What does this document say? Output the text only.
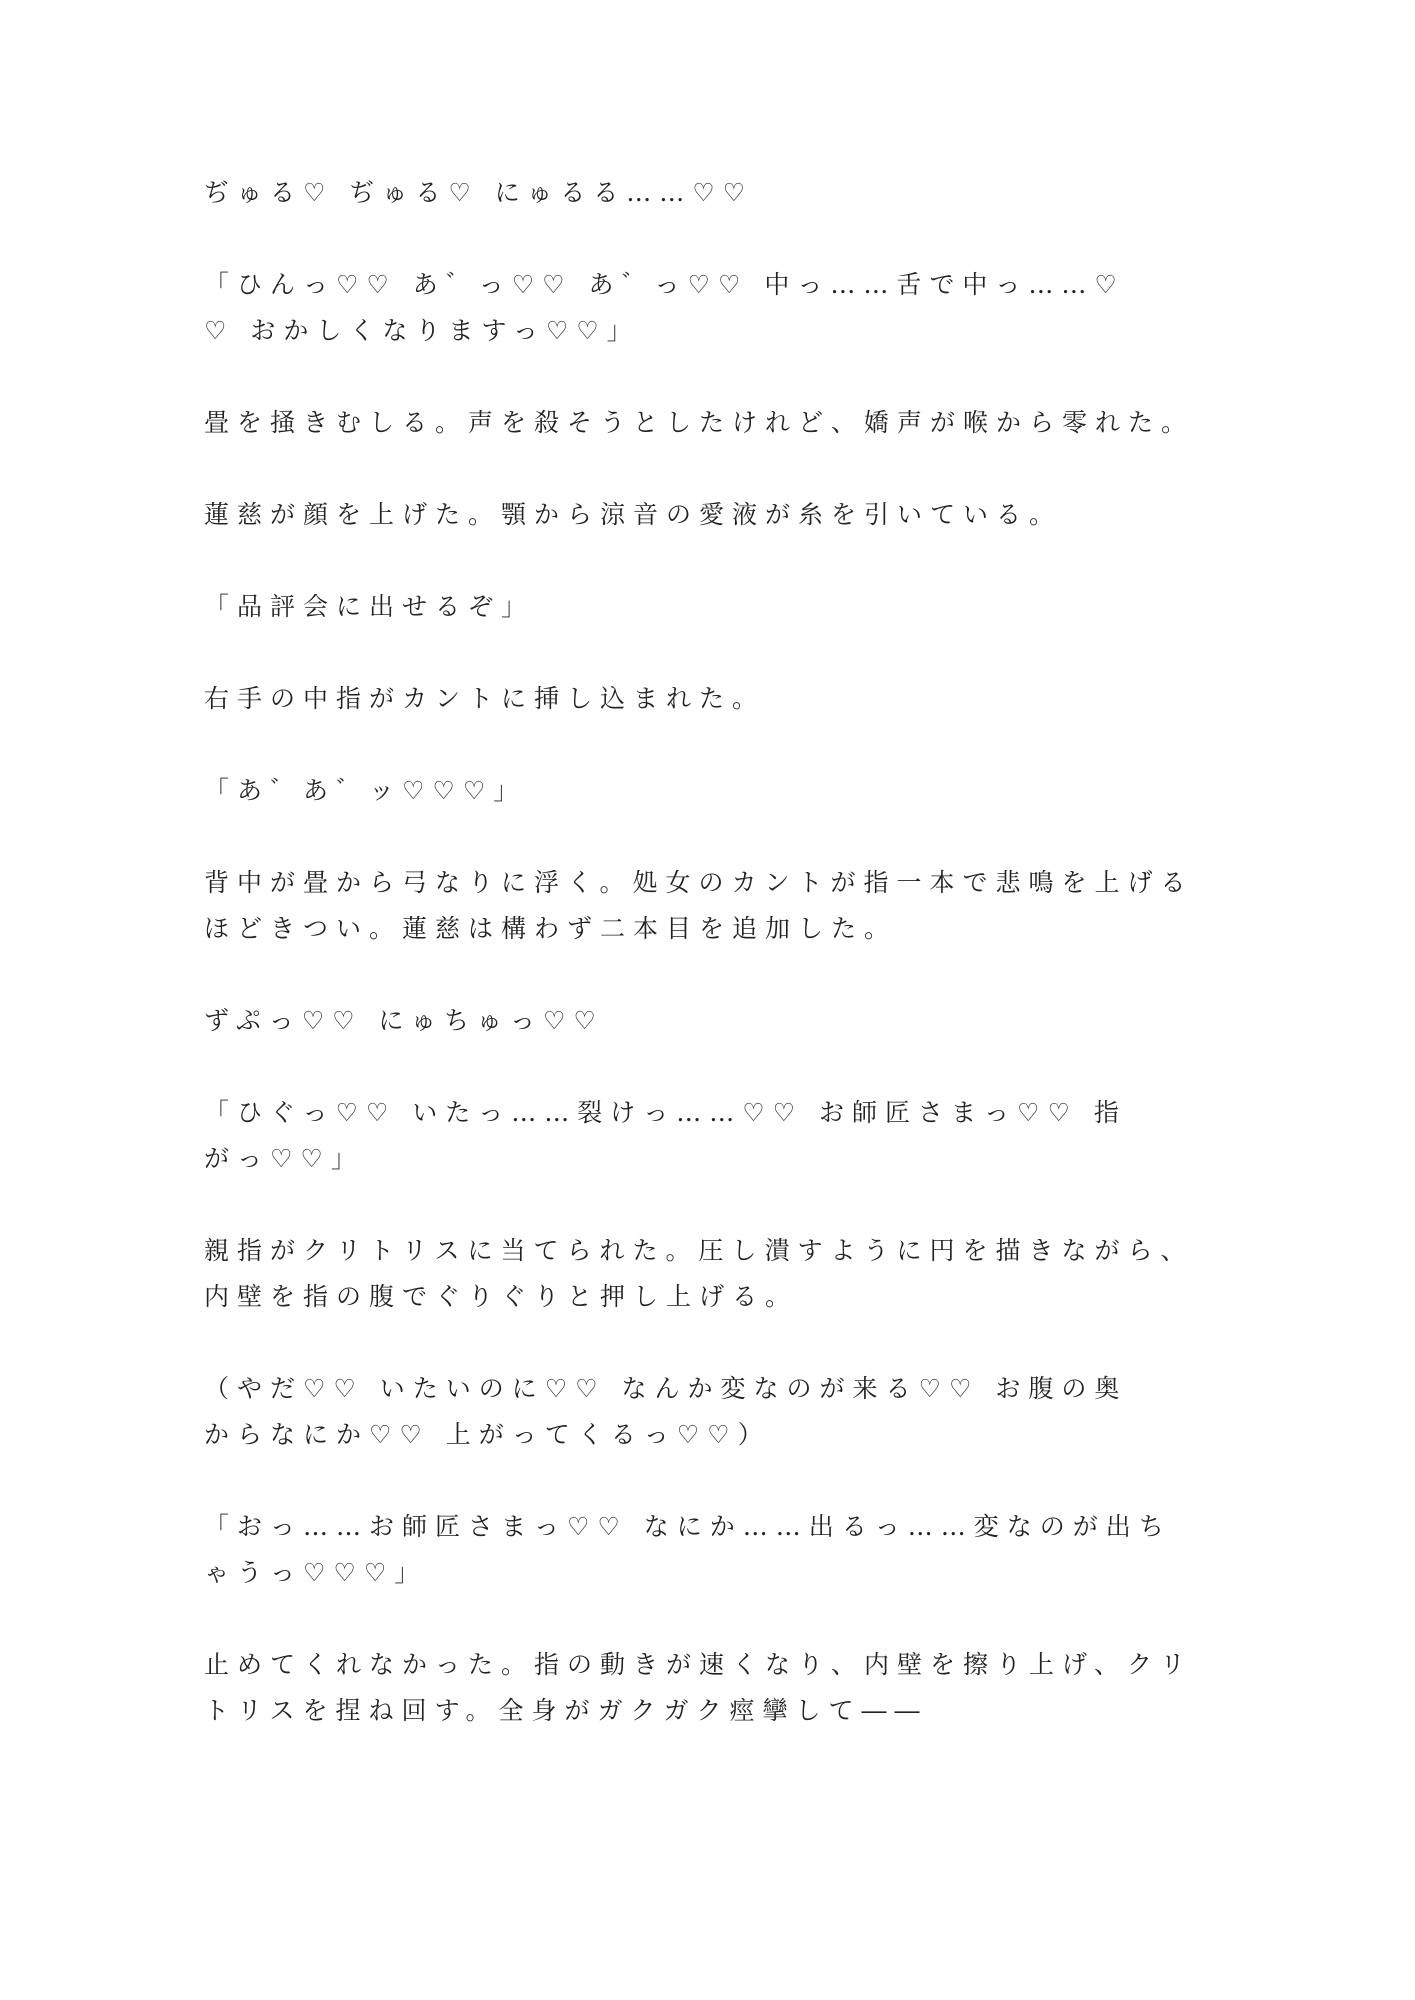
ぢゅる♡ ぢゅる♡ にゅるる……♡♡
「ひんっ♡♡ あ゛っ♡♡ あ゛っ♡♡ 中っ……舌で中っ……♡
♡ おかしくなりますっ♡♡」
畳を掻きむしる。声を殺そうとしたけれど、嬌声が喉から零れた。
蓮慈が顔を上げた。顎から涼音の愛液が糸を引いている。
「品評会に出せるぞ」
右手の中指がカントに挿し込まれた。
「あ゛あ゛ッ♡♡♡」
背中が畳から弓なりに浮く。処女のカントが指一本で悲鳴を上げる
ほどきつい。蓮慈は構わず二本目を追加した。
ずぷっ♡♡ にゅちゅっ♡♡
「ひぐっ♡♡ いたっ……裂けっ……♡♡ お師匠さまっ♡♡ 指
がっ♡♡」
親指がクリトリスに当てられた。圧し潰すように円を描きながら、
内壁を指の腹でぐりぐりと押し上げる。
（やだ♡♡ いたいのに♡♡ なんか変なのが来る♡♡ お腹の奥
からなにか♡♡ 上がってくるっ♡♡）
「おっ……お師匠さまっ♡♡ なにか……出るっ……変なのが出ち
ゃうっ♡♡♡」
止めてくれなかった。指の動きが速くなり、内壁を擦り上げ、クリ
トリスを捏ね回す。全身がガクガク痙攣して――
